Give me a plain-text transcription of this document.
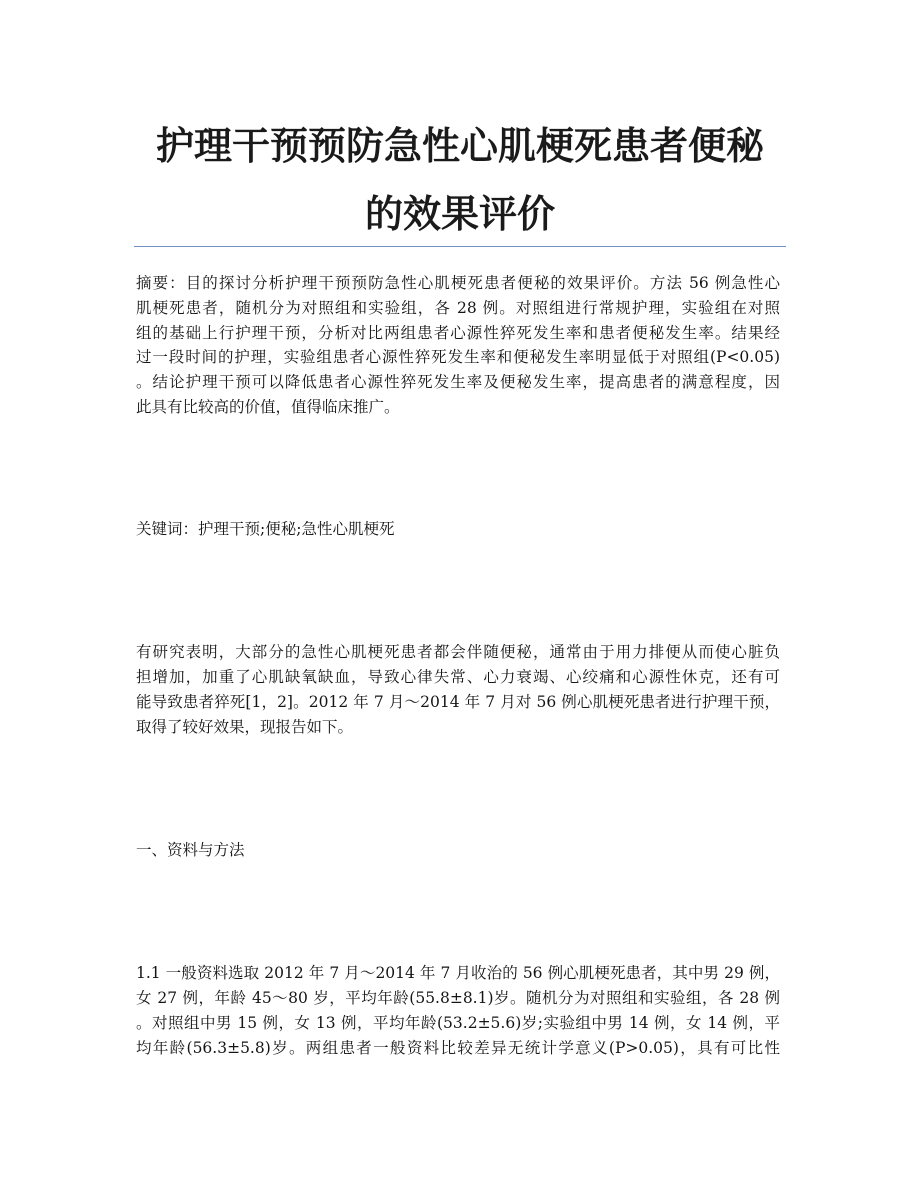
护理干预预防急性心肌梗死患者便秘
的效果评价
摘要：目的探讨分析护理干预预防急性心肌梗死患者便秘的效果评价。方法 56 例急性心
肌梗死患者，随机分为对照组和实验组，各 28 例。对照组进行常规护理，实验组在对照
组的基础上行护理干预，分析对比两组患者心源性猝死发生率和患者便秘发生率。结果经
过一段时间的护理，实验组患者心源性猝死发生率和便秘发生率明显低于对照组(P<0.05)
。结论护理干预可以降低患者心源性猝死发生率及便秘发生率，提高患者的满意程度，因
此具有比较高的价值，值得临床推广。
关键词：护理干预;便秘;急性心肌梗死
有研究表明，大部分的急性心肌梗死患者都会伴随便秘，通常由于用力排便从而使心脏负
担增加，加重了心肌缺氧缺血，导致心律失常、心力衰竭、心绞痛和心源性休克，还有可
能导致患者猝死[1，2]。2012 年 7 月～2014 年 7 月对 56 例心肌梗死患者进行护理干预，
取得了较好效果，现报告如下。
一、资料与方法
1.1 一般资料选取 2012 年 7 月～2014 年 7 月收治的 56 例心肌梗死患者，其中男 29 例，
女 27 例，年龄 45～80 岁，平均年龄(55.8±8.1)岁。随机分为对照组和实验组，各 28 例
。对照组中男 15 例，女 13 例，平均年龄(53.2±5.6)岁;实验组中男 14 例，女 14 例，平
均年龄(56.3±5.8)岁。两组患者一般资料比较差异无统计学意义(P>0.05)，具有可比性
